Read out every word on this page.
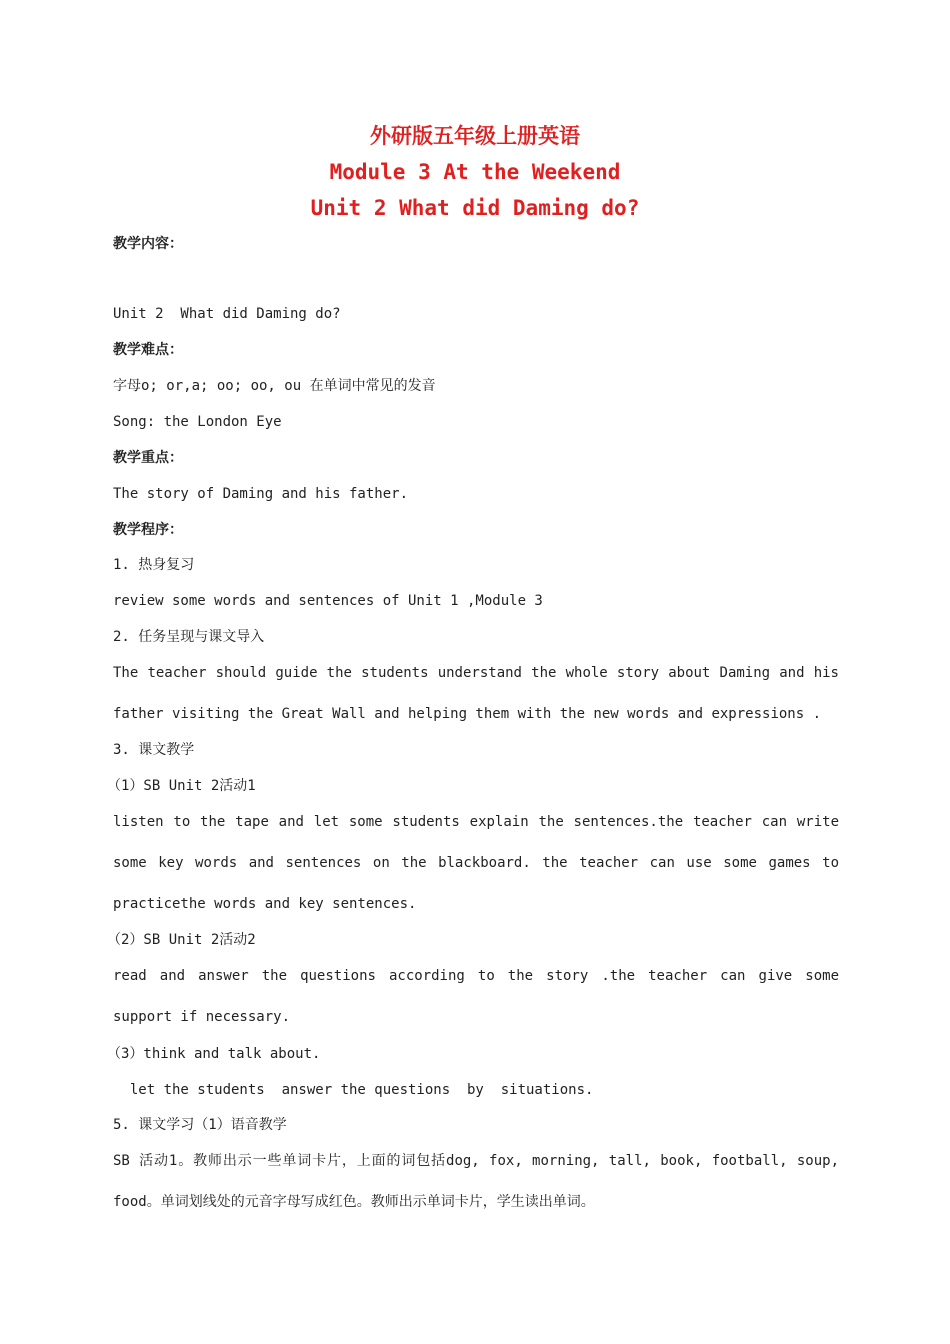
外研版五年级上册英语
Module 3 At the Weekend
Unit 2 What did Daming do?
教学内容：
Unit 2  What did Daming do?
教学难点：
字母o; or,a; oo; oo, ou 在单词中常见的发音
Song: the London Eye
教学重点：
The story of Daming and his father.
教学程序：
1. 热身复习
review some words and sentences of Unit 1 ,Module 3
2. 任务呈现与课文导入
The teacher should guide the students understand the whole story about Daming and his father visiting the Great Wall and helping them with the new words and expressions .
3. 课文教学
（1）SB Unit 2活动1
listen to the tape and let some students explain the sentences.the teacher can write some key words and sentences on the blackboard. the teacher can use some games to practicethe words and key sentences.
（2）SB Unit 2活动2
read and answer the questions according to the story .the teacher can give some support if necessary.
（3）think and talk about.
let the students  answer the questions  by  situations.
5. 课文学习（1）语音教学
SB 活动1。教师出示一些单词卡片，上面的词包括dog, fox, morning, tall, book, football, soup, food。单词划线处的元音字母写成红色。教师出示单词卡片，学生读出单词。
